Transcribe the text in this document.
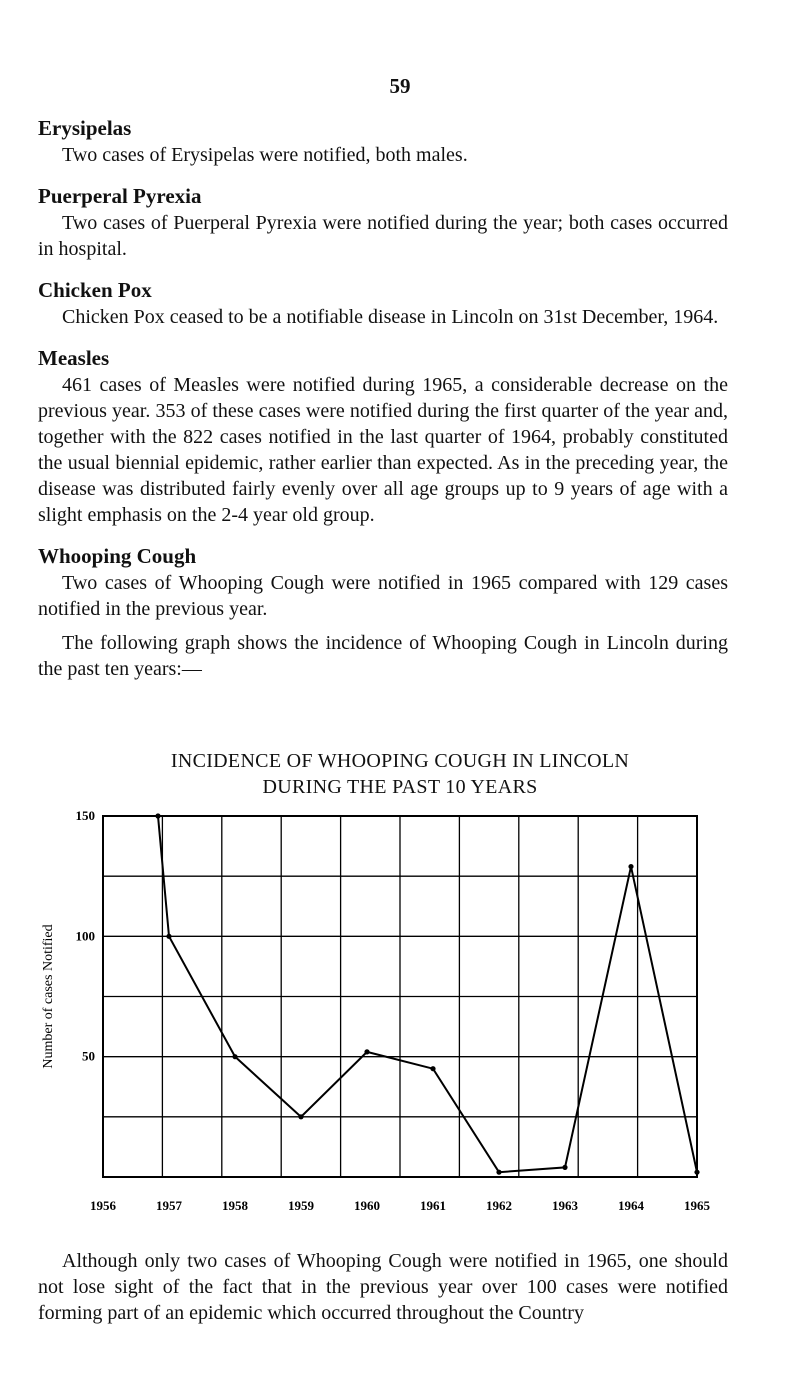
59
Erysipelas

Two cases of Erysipelas were notified, both males.

Puerperal Pyrexia

Two cases of Puerperal Pyrexia were notified during the year; both cases occurred in hospital.

Chicken Pox

Chicken Pox ceased to be a notifiable disease in Lincoln on 31st December, 1964.

Measles

461 cases of Measles were notified during 1965, a considerable decrease on the previous year. 353 of these cases were notified during the first quarter of the year and, together with the 822 cases notified in the last quarter of 1964, probably constituted the usual biennial epidemic, rather earlier than expected. As in the preceding year, the disease was distributed fairly evenly over all age groups up to 9 years of age with a slight emphasis on the 2-4 year old group.

Whooping Cough

Two cases of Whooping Cough were notified in 1965 compared with 129 cases notified in the previous year.

The following graph shows the incidence of Whooping Cough in Lincoln during the past ten years:—

INCIDENCE OF WHOOPING COUGH IN LINCOLN
DURING THE PAST 10 YEARS
50
100
150
Number of cases Notified
1956	1957	1958	1959	1960	1961	1962	1963	1964	1965

Although only two cases of Whooping Cough were notified in 1965, one should not lose sight of the fact that in the previous year over 100 cases were notified forming part of an epidemic which occurred throughout the Country
